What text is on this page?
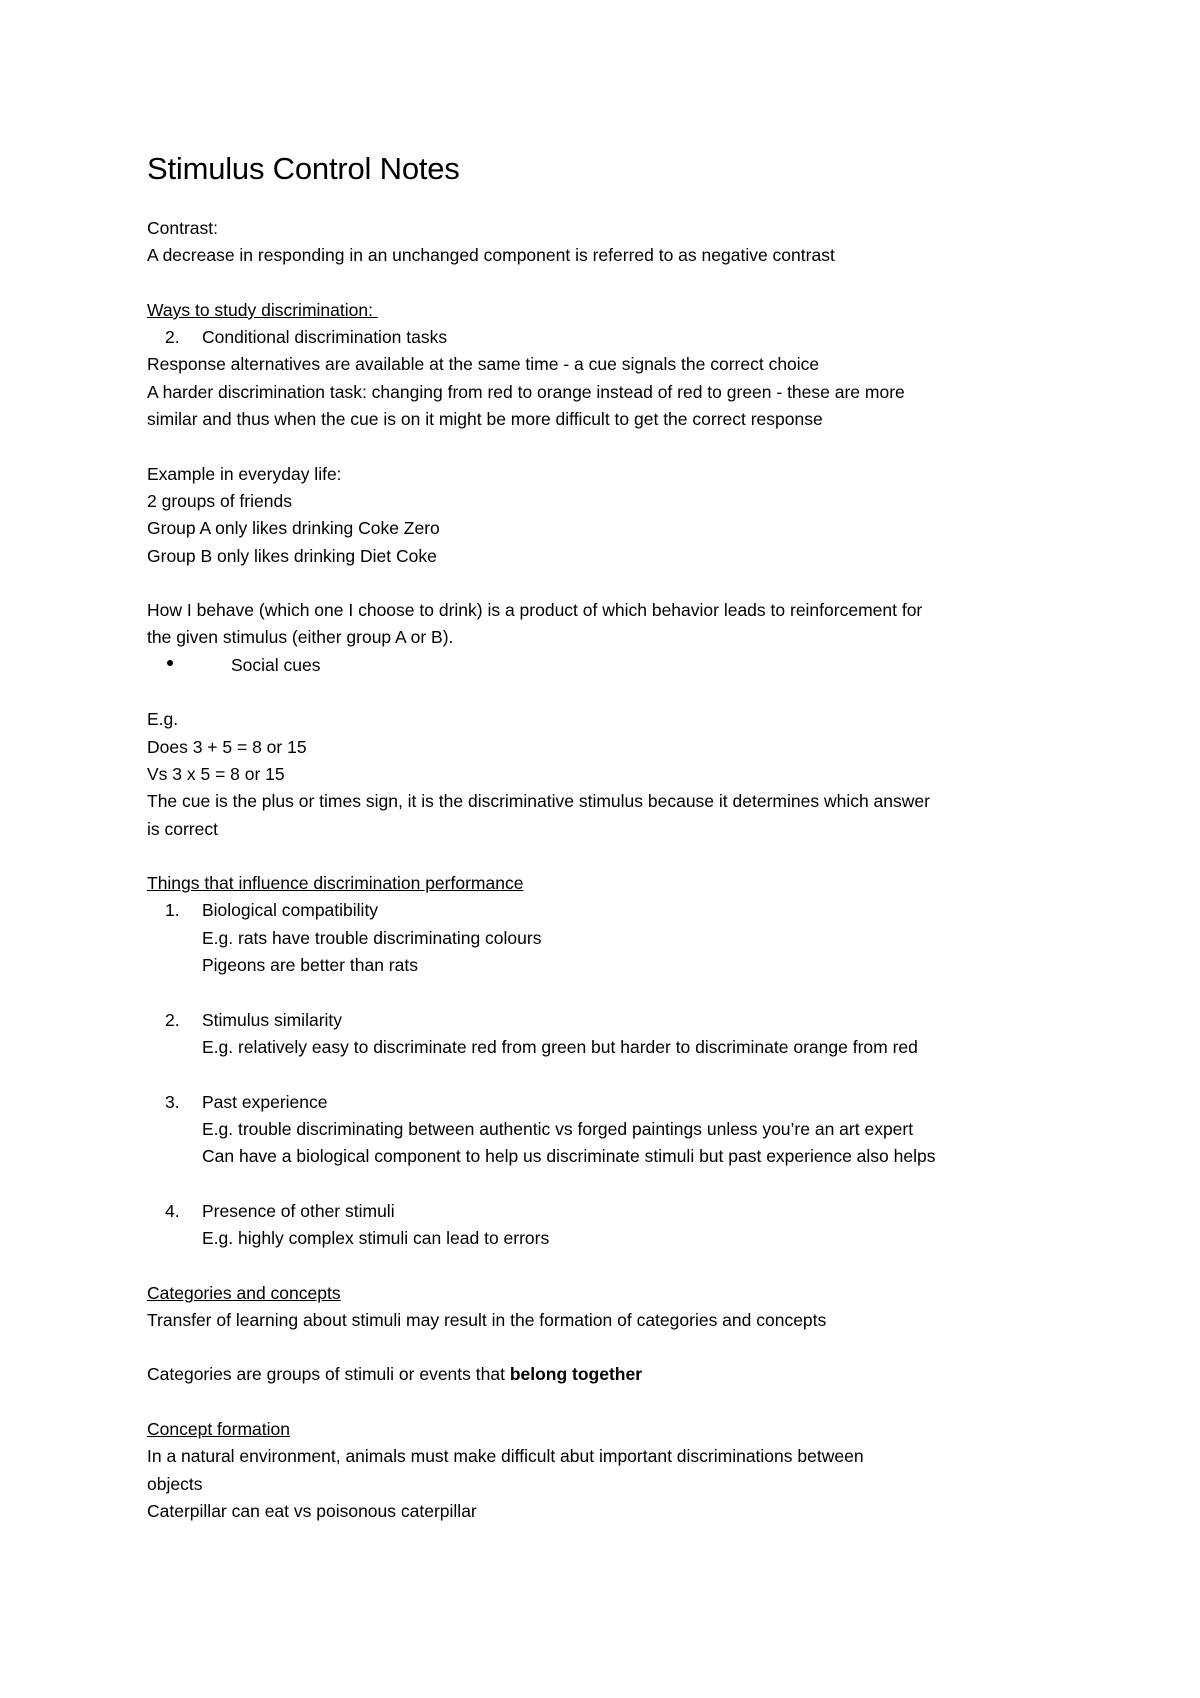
Stimulus Control Notes
Contrast:
A decrease in responding in an unchanged component is referred to as negative contrast
Ways to study discrimination:
2. Conditional discrimination tasks
Response alternatives are available at the same time - a cue signals the correct choice
A harder discrimination task: changing from red to orange instead of red to green - these are more
similar and thus when the cue is on it might be more difficult to get the correct response
Example in everyday life:
2 groups of friends
Group A only likes drinking Coke Zero
Group B only likes drinking Diet Coke
How I behave (which one I choose to drink) is a product of which behavior leads to reinforcement for
the given stimulus (either group A or B).
Social cues
E.g.
Does 3 + 5 = 8 or 15
Vs 3 x 5 = 8 or 15
The cue is the plus or times sign, it is the discriminative stimulus because it determines which answer
is correct
Things that influence discrimination performance
1. Biological compatibility
E.g. rats have trouble discriminating colours
Pigeons are better than rats
2. Stimulus similarity
E.g. relatively easy to discriminate red from green but harder to discriminate orange from red
3. Past experience
E.g. trouble discriminating between authentic vs forged paintings unless you’re an art expert
Can have a biological component to help us discriminate stimuli but past experience also helps
4. Presence of other stimuli
E.g. highly complex stimuli can lead to errors
Categories and concepts
Transfer of learning about stimuli may result in the formation of categories and concepts
Categories are groups of stimuli or events that belong together
Concept formation
In a natural environment, animals must make difficult abut important discriminations between
objects
Caterpillar can eat vs poisonous caterpillar
